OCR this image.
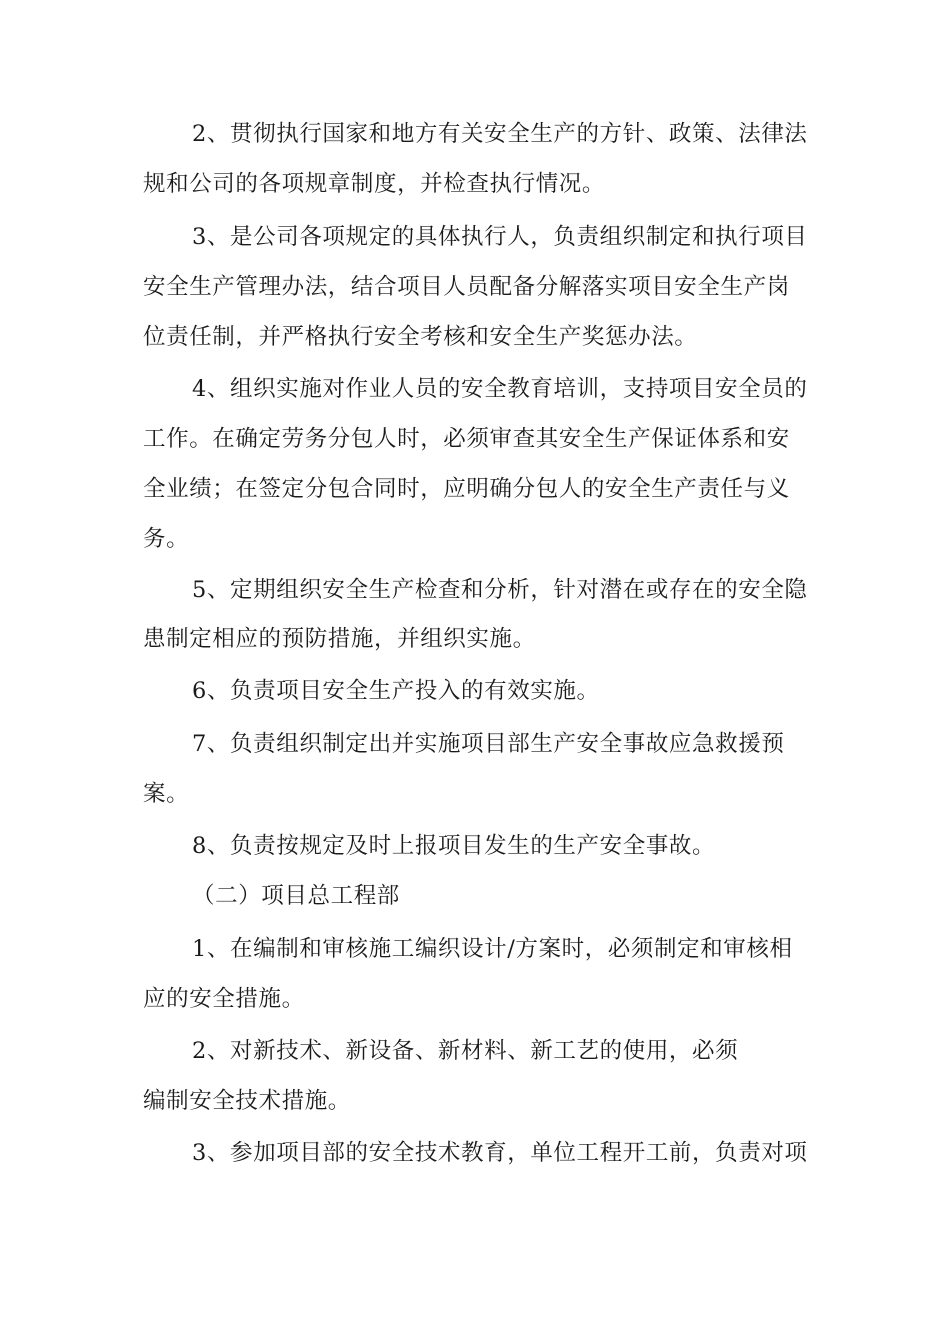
2、贯彻执行国家和地方有关安全生产的方针、政策、法律法
规和公司的各项规章制度，并检查执行情况。
3、是公司各项规定的具体执行人，负责组织制定和执行项目
安全生产管理办法，结合项目人员配备分解落实项目安全生产岗
位责任制，并严格执行安全考核和安全生产奖惩办法。
4、组织实施对作业人员的安全教育培训，支持项目安全员的
工作。在确定劳务分包人时，必须审查其安全生产保证体系和安
全业绩；在签定分包合同时，应明确分包人的安全生产责任与义
务。
5、定期组织安全生产检查和分析，针对潜在或存在的安全隐
患制定相应的预防措施，并组织实施。
6、负责项目安全生产投入的有效实施。
7、负责组织制定出并实施项目部生产安全事故应急救援预
案。
8、负责按规定及时上报项目发生的生产安全事故。
（二）项目总工程部
1、在编制和审核施工编织设计/方案时，必须制定和审核相
应的安全措施。
2、对新技术、新设备、新材料、新工艺的使用，必须
编制安全技术措施。
3、参加项目部的安全技术教育，单位工程开工前，负责对项
